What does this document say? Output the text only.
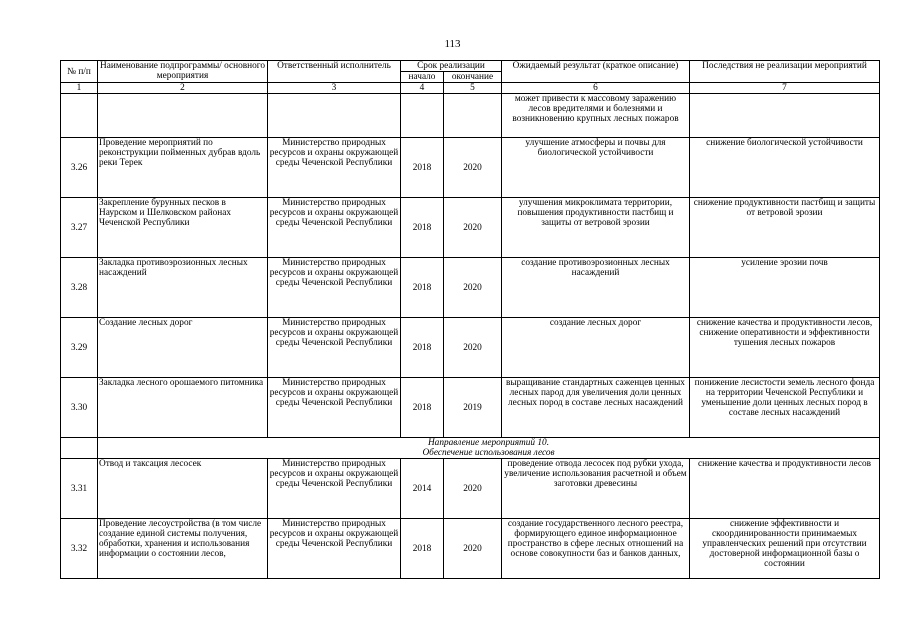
113
№ п/п	Наименование подпрограммы/ основного мероприятия	Ответственный исполнитель	Срок реализации		Ожидаемый результат (краткое описание)	Последствия не реализации мероприятий
			начало	окончание		
1	2	3	4	5	6	7
					может привести к массовому заражению лесов вредителями и болезнями и возникновению крупных лесных пожаров	
3.26	Проведение мероприятий по реконструкции пойменных дубрав вдоль реки Терек	Министерство природных ресурсов и охраны окружающей среды Чеченской Республики	2018	2020	улучшение атмосферы и почвы для биологической устойчивости	снижение биологической устойчивости
3.27	Закрепление бурунных песков в Наурском и Шелковском районах Чеченской Республики	Министерство природных ресурсов и охраны окружающей среды Чеченской Республики	2018	2020	улучшения микроклимата территории, повышения продуктивности пастбищ и защиты от ветровой эрозии	снижение продуктивности пастбищ и защиты от ветровой эрозии
3.28	Закладка противоэрозионных лесных насаждений	Министерство природных ресурсов и охраны окружающей среды Чеченской Республики	2018	2020	создание противоэрозионных лесных насаждений	усиление эрозии почв
3.29	Создание лесных дорог	Министерство природных ресурсов и охраны окружающей среды Чеченской Республики	2018	2020	создание лесных дорог	снижение качества и продуктивности лесов, снижение оперативности и эффективности тушения лесных пожаров
3.30	Закладка лесного орошаемого питомника	Министерство природных ресурсов и охраны окружающей среды Чеченской Республики	2018	2019	выращивание стандартных саженцев ценных лесных парод для увеличения доли ценных лесных пород в составе лесных насаждений	понижение лесистости земель лесного фонда на территории Чеченской Республики и уменьшение доли ценных лесных пород в составе лесных насаждений

	Направление мероприятий 10.
Обеспечение использования лесов					

3.31	Отвод и таксация лесосек	Министерство природных ресурсов и охраны окружающей среды Чеченской Республики	2014	2020	проведение отвода лесосек под рубки ухода, увеличение использования расчетной и объем заготовки древесины	снижение качества и продуктивности лесов
3.32	Проведение лесоустройства (в том числе создание единой системы получения, обработки, хранения и использования информации о состоянии лесов,	Министерство природных ресурсов и охраны окружающей среды Чеченской Республики	2018	2020	создание государственного лесного реестра, формирующего единое информационное пространство в сфере лесных отношений на основе совокупности баз и банков данных,	снижение эффективности и скоординированности принимаемых управленческих решений при отсутствии достоверной информационной базы о состоянии
